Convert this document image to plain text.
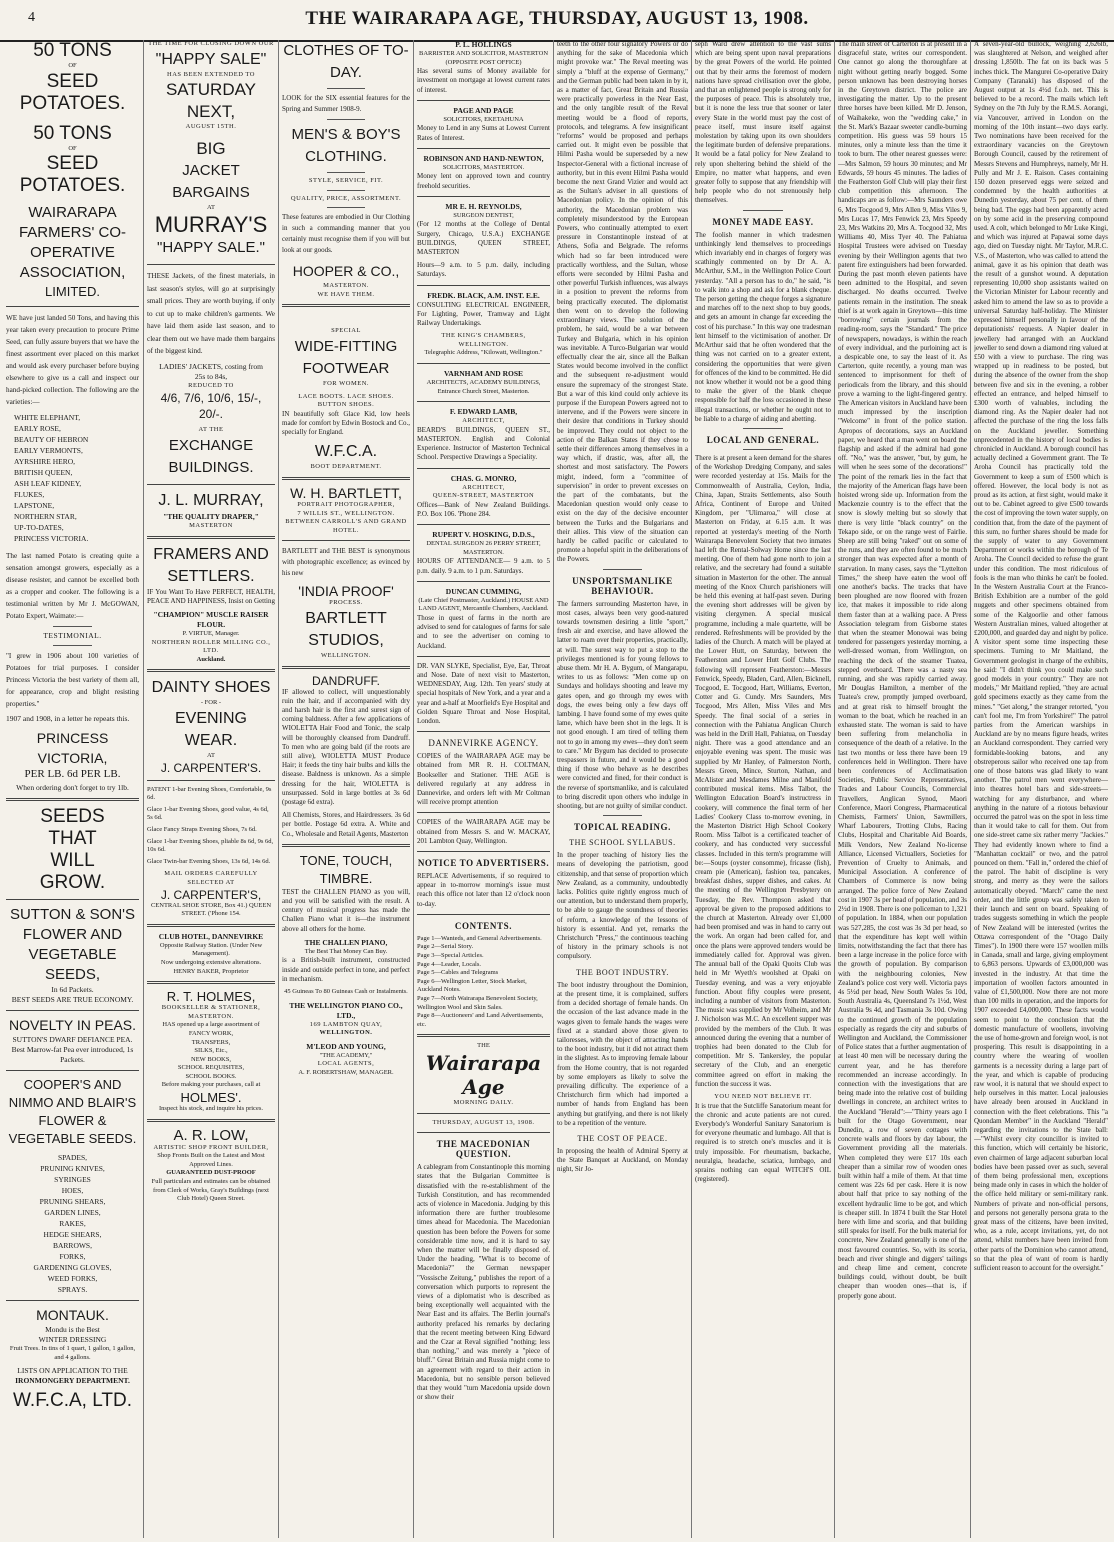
4	THE WAIRARAPA AGE, THURSDAY, AUGUST 13, 1908.
50 TONS
OF
SEED POTATOES.
50 TONS
OF
SEED POTATOES.
WAIRARAPA FARMERS' CO-OPERATIVE ASSOCIATION,
LIMITED.

WE have just landed 50 Tons, and having this year taken every precaution to procure Prime Seed, can fully assure buyers that we have the finest assortment ever placed on this market and would ask every purchaser before buying elsewhere to give us a call and inspect our hand-picked collection. The following are the varieties:—

WHITE ELEPHANT,
EARLY ROSE,
BEAUTY OF HEBRON
EARLY VERMONTS,
AYRSHIRE HERO,
BRITISH QUEEN,
ASH LEAF KIDNEY,
FLUKES,
LAPSTONE,
NORTHERN STAR,
UP-TO-DATES,
PRINCESS VICTORIA.

The last named Potato is creating quite a sensation amongst growers, especially as a disease resister, and cannot be excelled both as a cropper and cooker. The following is a testimonial written by Mr J. McGOWAN, Potato Expert, Waimate:—

TESTIMONIAL.

"I grew in 1906 about 100 varieties of Potatoes for trial purposes. I consider Princess Victoria the best variety of them all, for appearance, crop and blight resisting properties."

1907 and 1908, in a letter he repeats this.
PRINCESS VICTORIA,
PER LB. 6d PER LB.
When ordering don't forget to try 1lb.
SEEDS
THAT
WILL
GROW.
SUTTON & SON'S FLOWER AND VEGETABLE SEEDS,
In 6d Packets.
BEST SEEDS ARE TRUE ECONOMY.
NOVELTY IN PEAS.
SUTTON'S DWARF DEFIANCE PEA.
Best Marrow-fat Pea ever introduced, 1s Packets.
COOPER'S AND NIMMO AND BLAIR'S FLOWER & VEGETABLE SEEDS.
SPADES,
PRUNING KNIVES,
SYRINGES
HOES,
PRUNING SHEARS,
GARDEN LINES,
RAKES,
HEDGE SHEARS,
BARROWS,
FORKS,
GARDENING GLOVES,
WEED FORKS,
SPRAYS.
MONTAUK.
Mondu is the Best
WINTER DRESSING
Fruit Trees. In tins of 1 quart, 1 gallon, 1 gallon, and 4 gallons.
LISTS ON APPLICATION TO THE
IRONMONGERY DEPARTMENT.
W.F.C.A, LTD.
THE TIME FOR CLOSING DOWN OUR
"HAPPY SALE"
HAS BEEN EXTENDED TO
SATURDAY NEXT,
AUGUST 15TH.
BIG
JACKET BARGAINS
AT
MURRAY'S
"HAPPY SALE."

THESE Jackets, of the finest materials, in last season's styles, will go at surprisingly small prices. They are worth buying, if only to cut up to make children's garments. We have laid them aside last season, and to clear them out we have made them bargains of the biggest kind.

LADIES' JACKETS, costing from
25s to 84s,
REDUCED TO
4/6, 7/6, 10/6, 15/-, 20/-.
AT THE
EXCHANGE BUILDINGS.
J. L. MURRAY,
"THE QUALITY DRAPER,"
MASTERTON
FRAMERS AND SETTLERS.

IF You Want To Have PERFECT, HEALTH, PEACE AND HAPPINESS, Insist on Getting

"CHAMPION" MUSCLE RAISER FLOUR.
P. VIRTUE, Manager.
NORTHERN ROLLER MILLING CO., LTD.
Auckland.
DAINTY SHOES
- FOR -
EVENING WEAR.
AT
J. CARPENTER'S.
PATENT 1-bar Evening Shoes, Comfortable, 9s 6d.
Glace 1-bar Evening Shoes, good value, 4s 6d, 5s 6d.
Glace Fancy Straps Evening Shoes, 7s 6d.
Glace 1-bar Evening Shoes, pliable 8s 6d, 9s 6d, 10s 6d.
Glace Twin-bar Evening Shoes, 13s 6d, 14s 6d.
MAIL ORDERS CAREFULLY SELECTED AT
J. CARPENTER'S,
CENTRAL SHOE STORE, Box 41.) QUEEN STREET. ('Phone 154.
CLUB HOTEL, DANNEVIRKE
Opposite Railway Station. (Under New Management).
Now undergoing extensive alterations.
HENRY BAKER, Proprietor
R. T. HOLMES,
BOOKSELLER & STATIONER, MASTERTON.
HAS opened up a large assortment of
FANCY WORK,
TRANSFERS,
SILKS, Etc.,
NEW BOOKS,
SCHOOL REQUISITES,
SCHOOL BOOKS.
Before making your purchases, call at
HOLMES'.
Inspect his stock, and inquire his prices.
A. R. LOW,
ARTISTIC SHOP FRONT BUILDER,
Shop Fronts Built on the Latest and Most Approved Lines.
GUARANTEED DUST-PROOF
Full particulars and estimates can be obtained from Clerk of Works, Gray's Buildings (next Club Hotel) Queen Street.
CLOTHES OF TO-DAY.

LOOK for the SIX essential features for the Spring and Summer 1908-9.

MEN'S & BOY'S CLOTHING.
STYLE, SERVICE, FIT.
QUALITY, PRICE, ASSORTMENT.

These features are embodied in Our Clothing in such a commanding manner that you certainly must recognise them if you will but look at our goods.

HOOPER & CO.,
MASTERTON.
WE HAVE THEM.
SPECIAL
WIDE-FITTING FOOTWEAR
FOR WOMEN.
LACE BOOTS. LACE SHOES.
BUTTON SHOES.

IN beautifully soft Glace Kid, low heels made for comfort by Edwin Bostock and Co., specially for England.

W.F.C.A.
BOOT DEPARTMENT.
W. H. BARTLETT,
PORTRAIT PHOTOGRAPHER,
7 WILLIS ST., WELLINGTON.
BETWEEN CARROLL'S AND GRAND HOTEL.

BARTLETT and THE BEST is synonymous with photographic excellence; as evinced by his new

'INDIA PROOF'
PROCESS.
BARTLETT STUDIOS,
WELLINGTON.
DANDRUFF.

IF allowed to collect, will unquestionably ruin the hair, and if accompanied with dry and harsh hair is the first and surest sign of coming baldness. After a few applications of WIOLETTA Hair Food and Tonic, the scalp will be thoroughly cleansed from Dandruff. To men who are going bald (if the roots are still alive), WIOLETTA MUST Produce Hair; it feeds the tiny hair bulbs and kills the disease. Baldness is unknown. As a simple dressing for the hair, WIOLETTA is unsurpassed. Sold in large bottles at 3s 6d (postage 6d extra).

All Chemists, Stores, and Hairdressers. 3s 6d per bottle. Postage 6d extra. A. White and Co., Wholesale and Retail Agents, Masterton

TONE, TOUCH, TIMBRE.

TEST the CHALLEN PIANO as you will, and you will be satisfied with the result. A century of musical progress has made the Challen Piano what it is—the instrument above all others for the home.

THE CHALLEN PIANO,
The Best That Money Can Buy.

is a British-built instrument, constructed inside and outside perfect in tone, and perfect in mechanism.

45 Guineas To 80 Guineas Cash or Instalments.
THE WELLINGTON PIANO CO., LTD.,
169 LAMBTON QUAY,
WELLINGTON.
M'LEOD AND YOUNG,
"THE ACADEMY,"
LOCAL AGENTS,
A. F. ROBERTSHAW, MANAGER.
P. L. HOLLINGS
BARRISTER AND SOLICITOR, MASTERTON (OPPOSITE POST OFFICE)

Has several sums of Money available for investment on mortgage at lowest current rates of interest.

PAGE AND PAGE
SOLICITORS, EKETAHUNA

Money to Lend in any Sums at Lowest Current Rates of Interest.

ROBINSON AND HAND-NEWTON,
SOLICITORS, MASTERTON.

Money lent on approved town and country freehold securities.

MR E. H. REYNOLDS,
SURGEON DENTIST,

(For 12 months at the College of Dental Surgery, Chicago, U.S.A.) EXCHANGE BUILDINGS, QUEEN STREET, MASTERTON

Hours—9 a.m. to 5 p.m. daily, including Saturdays.

FREDK. BLACK, A.M. INST. E.E.

CONSULTING ELECTRICAL ENGINEER, For Lighting, Power, Tramway and Light Railway Undertakings.

THE KING'S CHAMBERS, WELLINGTON.
Telegraphic Address, "Kilowatt, Wellington."
VARNHAM AND ROSE
ARCHITECTS, ACADEMY BUILDINGS, Entrance Church Street, Masterton.
F. EDWARD LAMB,
ARCHITECT,

BEARD'S BUILDINGS, QUEEN ST., MASTERTON. English and Colonial Experience. Instructor of Masterton Technical School. Perspective Drawings a Speciality.

CHAS. G. MONRO,
ARCHITECT,
QUEEN-STREET, MASTERTON

Offices—Bank of New Zealand Buildings. P.O. Box 106. 'Phone 284.

RUPERT V. HOSKING, D.D.S.,
DENTAL SURGEON 26 PERRY STREET, MASTERTON.

HOURS OF ATTENDANCE— 9 a.m. to 5 p.m. daily. 9 a.m. to 1 p.m. Saturdays.

DUNCAN CUMMING,
(Late Chief Postmaster, Auckland.) HOUSE AND LAND AGENT, Mercantile Chambers, Auckland.

Those in quest of farms in the north are advised to send for catalogues of farms for sale and to see the advertiser on coming to Auckland.

DR. VAN SLYKE, Specialist, Eye, Ear, Throat and Nose. Date of next visit to Masterton, WEDNESDAY, Aug. 12th. Ten years' study at special hospitals of New York, and a year and a year and a-half at Moorfield's Eye Hospital and Golden Square Throat and Nose Hospital, London.

DANNEVIRKE AGENCY.

COPIES of the WAIRARAPA AGE may be obtained from MR R. H. COLTMAN, Bookseller and Stationer. THE AGE is delivered regularly at any address in Dannevirke, and orders left with Mr Coltman will receive prompt attention

COPIES of the WAIRARAPA AGE may be obtained from Messrs S. and W. MACKAY, 201 Lambton Quay, Wellington.

NOTICE TO ADVERTISERS.

REPLACE Advertisements, if so required to appear in to-morrow morning's issue must reach this office not later than 12 o'clock noon to-day.

CONTENTS.
Page 1—Wanteds, and General Advertisements.
Page 2—Serial Story.
Page 3—Special Articles.
Page 4—Leader, Locals.
Page 5—Cables and Telegrams
Page 6—Wellington Letter, Stock Market, Auckland Notes.
Page 7—North Wairarapa Benevolent Society, Wellington Wool and Skin Sales.
Page 8—Auctioneers' and Land Advertisements, etc.
THE
Wairarapa Age
MORNING DAILY.
THURSDAY, AUGUST 13, 1908.
THE MACEDONIAN QUESTION.

A cablegram from Constantinople this morning states that the Bulgarian Committee is dissatisfied with the re-establishment of the Turkish Constitution, and has recommended acts of violence in Macedonia. Judging by this information there are further troublesome times ahead for Macedonia. The Macedonian question has been before the Powers for some considerable time now, and it is hard to say when the matter will be finally disposed of. Under the heading, "What is to become of Macedonia?" the German newspaper "Vossische Zeitung," publishes the report of a conversation which purports to represent the views of a diplomatist who is described as being exceptionally well acquainted with the Near East and its affairs. The Berlin journal's authority prefaced his remarks by declaring that the recent meeting between King Edward and the Czar at Reval signified "nothing; less than nothing," and was merely a "piece of bluff." Great Britain and Russia might come to an agreement with regard to their action in Macedonia, but no sensible person believed that they would "turn Macedonia upside down or show their

teeth to the other four signatory Powers or do anything for the sake of Macedonia which might provoke war." The Reval meeting was simply a "bluff at the expense of Germany," and the German public had been taken in by it, as a matter of fact, Great Britain and Russia were practically powerless in the Near East, and the only tangible result of the Reval meeting would be a flood of reports, protocols, and telegrams. A few insignificant "reforms" would be proposed and perhaps carried out. It might even be possible that Hilmi Pasha would be superseded by a new Inspector-General with a fictional increase of authority, but in this event Hilmi Pasha would become the next Grand Vizier and would act as the Sultan's adviser in all questions of Macedonian policy. In the opinion of this authority, the Macedonian problem was completely misunderstood by the European Powers, who continually attempted to exert pressure in Constantinople instead of at Athens, Sofia and Belgrade. The reforms which had so far been introduced were practically worthless, and the Sultan, whose efforts were seconded by Hilmi Pasha and other powerful Turkish influences, was always in a position to prevent the reforms from being practically executed. The diplomatist then went on to develop the following extraordinary views. The solution of the problem, he said, would be a war between Turkey and Bulgaria, which in his opinion was inevitable. A Turco-Bulgarian war would effectually clear the air, since all the Balkan States would become involved in the conflict and the subsequent re-adjustment would ensure the supremacy of the strongest State. But a war of this kind could only achieve its purpose if the European Powers agreed not to intervene, and if the Powers were sincere in their desire that conditions in Turkey should be improved. They could not object to the action of the Balkan States if they chose to settle their differences among themselves in a way which, if drastic, was, after all, the shortest and most satisfactory. The Powers might, indeed, form a "committee of supervision" in order to prevent excesses on the part of the combatants, but the Macedonian question would only cease to exist on the day of the decisive encounter between the Turks and the Bulgarians and their allies. This view of the situation can hardly be called pacific or calculated to promote a hopeful spirit in the deliberations of the Powers.

UNSPORTSMANLIKE BEHAVIOUR.

The farmers surrounding Masterton have, in most cases, always been very good-natured towards townsmen desiring a little "sport," fresh air and exercise, and have allowed the latter to roam over their properties, practically, at will. The surest way to put a stop to the privileges mentioned is for young fellows to abuse them. Mr H. A. Bygum, of Mangarapu, writes to us as follows: "Men come up on Sundays and holidays shooting and leave my gates open, and go through my ewes with dogs, the ewes being only a few days off lambing. I have found some of my ewes quite lame, which have been shot in the legs. It is not good enough. I am tired of telling them not to go in among my ewes—they don't seem to care." Mr Bygum has decided to prosecute trespassers in future, and it would be a good thing if those who behave as he describes were convicted and fined, for their conduct is the reverse of sportsmanlike, and is calculated to bring discredit upon others who indulge in shooting, but are not guilty of similar conduct.

TOPICAL READING.
THE SCHOOL SYLLABUS.

In the proper teaching of history lies the means of developing the patriotism, good citizenship, and that sense of proportion which New Zealand, as a community, undoubtedly lacks. Politics quite rightly engross much of our attention, but to understand them properly, to be able to gauge the soundness of theories of reform, a knowledge of the lessons of history is essential. And yet, remarks the Christchurch "Press," the continuous teaching of history in the primary schools is not compulsory.

THE BOOT INDUSTRY.

The boot industry throughout the Dominion, at the present time, it is complained, suffers from a decided shortage of female hands. On the occasion of the last advance made in the wages given to female hands the wages were fixed at a standard above those given to tailoresses, with the object of attracting hands to the boot industry, but it did not attract them in the slightest. As to improving female labour from the Home country, that is not regarded by some employers as likely to solve the prevailing difficulty. The experience of a Christchurch firm which had imported a number of hands from England has been anything but gratifying, and there is not likely to be a repetition of the venture.

THE COST OF PEACE.

In proposing the health of Admiral Sperry at the State Banquet at Auckland, on Monday night, Sir Jo-

seph Ward drew attention to the vast sums which are being spent upon naval preparations by the great Powers of the world. He pointed out that by their arms the foremost of modern nations have spread civilisation over the globe, and that an enlightened people is strong only for the purposes of peace. This is absolutely true, but it is none the less true that sooner or later every State in the world must pay the cost of peace itself, must insure itself against molestation by taking upon its own shoulders the legitimate burden of defensive preparations. It would be a fatal policy for New Zealand to rely upon sheltering behind the shield of the Empire, no matter what happens, and even greater folly to suppose that any friendship will help people who do not strenuously help themselves.

MONEY MADE EASY.

The foolish manner in which tradesmen unthinkingly lend themselves to proceedings which invariably end in charges of forgery was scathingly commented on by Dr A. A. McArthur, S.M., in the Wellington Police Court yesterday. "All a person has to do," he said, "is to walk into a shop and ask for a blank cheque. The person getting the cheque forges a signature and marches off to the next shop to buy goods, and gets an amount in change far exceeding the cost of his purchase." In this way one tradesman lent himself to the victimisation of another. Dr McArthur said that he often wondered that the thing was not carried on to a greater extent, considering the opportunities that were given for offences of the kind to be committed. He did not know whether it would not be a good thing to make the giver of the blank cheque responsible for half the loss occasioned in these illegal transactions, or whether he ought not to be liable to a charge of aiding and abetting.

LOCAL AND GENERAL.

There is at present a keen demand for the shares of the Workshop Dredging Company, and sales were recorded yesterday at 15s. Mails for the Commonwealth of Australia, Ceylon, India, China, Japan, Straits Settlements, also South Africa, Continent of Europe and United Kingdom, per "Ulimaroa," will close at Masterton on Friday, at 6.15 a.m. It was reported at yesterday's meeting of the North Wairarapa Benevolent Society that two inmates had left the Rental-Solway Home since the last meeting. One of them had gone north to join a relative, and the secretary had found a suitable situation in Masterton for the other. The annual meeting of the Knox Church parishioners will be held this evening at half-past seven. During the evening short addresses will be given by visiting clergymen. A special musical programme, including a male quartette, will be rendered. Refreshments will be provided by the ladies of the Church. A match will be played at the Lower Hutt, on Saturday, between the Featherston and Lower Hutt Golf Clubs. The following will represent Featherston:—Messrs Fenwick, Speedy, Bladen, Card, Allen, Bicknell, Tocgood, E. Tocgood, Hart, Williams, Everton, Cotter and G. Cundy. Mrs Saunders, Mrs Tocgood, Mrs Allen, Miss Viles and Mrs Speedy. The final social of a series in connection with the Pahiatua Anglican Church was held in the Drill Hall, Pahiatua, on Tuesday night. There was a good attendance and an enjoyable evening was spent. The music was supplied by Mr Hanley, of Palmerston North, Messrs Green, Mince, Sturton, Nathan, and McAlister and Mesdames Milne and Manifold contributed musical items. Miss Talbot, the Wellington Education Board's instructress in cookery, will commence the final term of her Ladies' Cookery Class to-morrow evening, in the Masterton District High School Cookery Room. Miss Talbot is a certificated teacher of cookery, and has conducted very successful classes. Included in this term's programme will be:—Soups (oyster consomme), fricasse (fish), cream pie (American), fashion tea, pancakes, breakfast dishes, supper dishes, and cakes. At the meeting of the Wellington Presbytery on Tuesday, the Rev. Thompson asked that approval be given to the proposed additions to the church at Masterton. Already over £1,000 had been promised and was in hand to carry out the work. An organ had been called for, and once the plans were approved tenders would be immediately called for. Approval was given. The annual ball of the Opaki Quoits Club was held in Mr Wyeth's woolshed at Opaki on Tuesday evening, and was a very enjoyable function. About fifty couples were present, including a number of visitors from Masterton. The music was supplied by Mr Volheim, and Mr J. Nicholson was M.C. An excellent supper was provided by the members of the Club. It was announced during the evening that a number of trophies had been donated to the Club for competition. Mr S. Tankersley, the popular secretary of the Club, and an energetic committee agreed on effort in making the function the success it was.

YOU NEED NOT BELIEVE IT.

It is true that the Sutcliffe Sanatorium meant for the chronic and acute patients are not cured. Everybody's Wonderful Sanitary Sanatorium is for everyone rheumatic and lumbago. All that is required is to stretch one's muscles and it is truly impossible. For rheumatism, backache, neuralgia, headache, sciatica, lumbago, and sprains nothing can equal WITCH'S OIL (registered).

The main street of Carterton is at present in a disgraceful state, writes our correspondent. One cannot go along the thoroughfare at night without getting nearly bogged. Some person unknown has been destroying horses in the Greytown district. The police are investigating the matter. Up to the present three horses have been killed. Mr D. Jenson, of Waihakeke, won the "wedding cake," in the St. Mark's Bazaar sweeter candle-burning competition. His guess was 59 hours 15 minutes, only a minute less than the time it took to burn. The other nearest guesses were:—Mrs Salmon, 59 hours 30 minutes; and Mr Edwards, 59 hours 45 minutes. The ladies of the Featherston Golf Club will play their first club competition this afternoon. The handicaps are as follow:—Mrs Saunders owe 6, Mrs Tocgood 9, Mrs Allen 9, Miss Viles 9, Mrs Lucas 17, Mrs Fenwick 23, Mrs Speedy 23, Mrs Watkins 20, Mrs A. Tocgood 32, Mrs Williams 40, Miss Tyer 40. The Pahiatua Hospital Trustees were advised on Tuesday evening by their Wellington agents that two patent fire extinguishers had been forwarded. During the past month eleven patients have been admitted to the Hospital, and seven discharged. No deaths occurred. Twelve patients remain in the institution. The sneak thief is at work again in Greytown—this time "borrowing" certain journals from the reading-room, says the "Standard." The price of newspapers, nowadays, is within the reach of every individual, and the purloining act is a despicable one, to say the least of it. As Carterton, quite recently, a young man was sentenced to imprisonment for theft of periodicals from the library, and this should prove a warning to the light-fingered gentry. The American visitors in Auckland have been much impressed by the inscription "Welcome" in front of the police station. Apropos of decorations, says an Auckland paper, we heard that a man went on board the flagship and asked if the admiral had gone off. "No," was the answer, "but, by gum, he will when he sees some of the decorations!" The point of the remark lies in the fact that the majority of the American flags have been hoisted wrong side up. Information from the Mackenzie country is to the effect that the snow is slowly melting but so slowly that there is very little "black country" on the Tekapo side, or on the range west of Fairlie. Sheep are still being "raked" out on some of the runs, and they are often found to be much stronger than was expected after a month of starvation. In many cases, says the "Lyttelton Times," the sheep have eaten the wool off one another's backs. The tracks that have been ploughed are now floored with frozen ice, that makes it impossible to ride along them faster than at a walking pace. A Press Association telegram from Gisborne states that when the steamer Monowai was being tendered for passengers yesterday morning, a well-dressed woman, from Wellington, on reaching the deck of the steamer Tuatea, stepped overboard. There was a nasty sea running, and she was rapidly carried away. Mr Douglas Hamilton, a member of the Tuatea's crew, promptly jumped overboard, and at great risk to himself brought the woman to the boat, which he reached in an exhausted state. The woman is said to have been suffering from melancholia in consequence of the death of a relative. In the last two months or less there have been 19 conferences held in Wellington. There have been conferences of Acclimatisation Societies, Public Service Representatives, Trades and Labour Councils, Commercial Travellers, Anglican Synod, Maori Conference, Maori Congress, Pharmaceutical Chemists, Farmers' Union, Sawmillers, Wharf Labourers, Trotting Clubs, Racing Clubs, Hospital and Charitable Aid Boards, Milk Vendors, New Zealand No-license Alliance, Licensed Victuallers, Societies for Prevention of Cruelty to Animals, and Municipal Association. A conference of Chambers of Commerce is now being arranged. The police force of New Zealand cost in 1907 3s per head of population, and 3s 2½d in 1908. There is one policeman to 1,321 of population. In 1884, when our population was 527,285, the cost was 3s 3d per head, so that the expenditure has kept well within limits, notwithstanding the fact that there has been a large increase in the police force with the growth of population. By comparison with the neighbouring colonies, New Zealand's police cost very well. Victoria pays 4s 5½d per head, New South Wales 5s 10d, South Australia 4s, Queensland 7s 1½d, West Australia 9s 4d, and Tasmania 3s 10d. Owing to the continued growth of the population especially as regards the city and suburbs of Wellington and Auckland, the Commissioner of Police states that a further augmentation of at least 40 men will be necessary during the current year, and he has therefore recommended an increase accordingly. In connection with the investigations that are being made into the relative cost of building dwellings in concrete, an architect writes to the Auckland "Herald":—"Thirty years ago I built for the Otago Government, near Dunedin, a row of seven cottages with concrete walls and floors by day labour, the Government providing all the materials. When completed they were £17 10s each cheaper than a similar row of wooden ones built within half a mile of them. At that time cement was 22s 6d per cask. Here it is now about half that price to say nothing of the excellent hydraulic lime to be got, and which is cheaper still. In 1874 I built the Star Hotel here with lime and scoria, and that building still speaks for itself. For the bulk material for concrete, New Zealand generally is one of the most favoured countries. So, with its scoria, beach and river shingle and diggers' tailings and cheap lime and cement, concrete buildings could, without doubt, be built cheaper than wooden ones—that is, if properly gone about.

A seven-year-old bullock, weighing 2,626lb, was slaughtered at Nelson, and weighed after dressing 1,850lb. The fat on its back was 5 inches thick. The Mangurei Co-operative Dairy Company (Taranaki) has disposed of the August output at 1s 4½d f.o.b. net. This is believed to be a record. The mails which left Sydney on the 7th July by the R.M.S. Aorangi, via Vancouver, arrived in London on the morning of the 10th instant—two days early. Two nominations have been received for the extraordinary vacancies on the Greytown Borough Council, caused by the retirement of Messrs Stevens and Humphreys, namely, Mr H. Pully and Mr J. E. Raison. Cases containing 150 dozen preserved eggs were seized and condemned by the health authorities at Dunedin yesterday, about 75 per cent. of them being bad. The eggs had been apparently acted on by some acid in the preserving compound used. A colt, which belonged to Mr Luke Kingi, and which was injured at Papawai some days ago, died on Tuesday night. Mr Taylor, M.R.C. V.S., of Masterton, who was called to attend the animal, gave it as his opinion that death was the result of a gunshot wound. A deputation representing 10,000 shop assistants waited on the Victorian Minister for Labour recently and asked him to amend the law so as to provide a universal Saturday half-holiday. The Minister expressed himself personally in favour of the deputationists' requests. A Napier dealer in jewellery had arranged with an Auckland jeweller to send down a diamond ring valued at £50 with a view to purchase. The ring was wrapped up in readiness to be posted, but during the absence of the owner from the shop between five and six in the evening, a robber effected an entrance, and helped himself to £300 worth of valuables, including the diamond ring. As the Napier dealer had not affected the purchase of the ring the loss falls on the Auckland jeweller. Something unprecedented in the history of local bodies is chronicled in Auckland. A borough council has actually declined a Government grant. The Te Aroha Council has practically told the Government to keep a sum of £500 which is offered. However, the local body is not as proud as its action, at first sight, would make it out to be. Cabinet agreed to give £500 towards the cost of improving the town water supply, on condition that, from the date of the payment of this sum, no further shares should be made for the supply of water to any Government Department or works within the borough of Te Aroha. The Council decided to refuse the grant under this condition. The most ridiculous of fools is the man who thinks he can't be fooled. In the Western Australia Court at the Franco-British Exhibition are a number of the gold nuggets and other specimens obtained from some of the Kalgoorlie and other famous Western Australian mines, valued altogether at £200,000, and guarded day and night by police. A visitor spent some time inspecting these specimens. Turning to Mr Maitland, the Government geologist in charge of the exhibits, he said: "I didn't think you could make such good models in your country." They are not models," Mr Maitland replied, "they are actual gold specimens exactly as they came from the mines." "Get along," the stranger retorted, "you can't fool me, I'm from Yorkshire!" The patrol parties from the American warships in Auckland are by no means figure heads, writes an Auckland correspondent. They carried very formidable-looking batons, and any obstreperous sailor who received one tap from one of those batons was glad likely to want another. The patrol men went everywhere—into theatres hotel bars and side-streets—watching for any disturbance, and where anything in the nature of a riotous behaviour occurred the patrol was on the spot in less time than it would take to call for them. Out from one side-street came six rather merry "Jackies." They had evidently known where to find a "Manhattan cocktail" or two, and the patrol pounced on them. "Fall in," ordered the chief of the patrol. The habit of discipline is very strong, and merry as they were the sailors automatically obeyed. "March" came the next order, and the little group was safely taken to their launch and sent on board. Speaking of trades suggests something in which the people of New Zealand will be interested (writes the Ottawa correspondent of the "Otago Daily Times"). In 1900 there were 157 woollen mills in Canada, small and large, giving employment to 6,863 persons. Upwards of £3,000,000 was invested in the industry. At that time the importation of woollen factors amounted in value of £1,500,000. Now there are not more than 100 mills in operation, and the imports for 1907 exceeded £4,000,000. These facts would seem to point to the conclusion that the domestic manufacture of woollens, involving the use of home-grown and foreign wool, is not prospering. This result is disappointing in a country where the wearing of woollen garments is a necessity during a large part of the year, and which is capable of producing raw wool, it is natural that we should expect to help ourselves in this matter. Local jealousies have already been aroused in Auckland in connection with the fleet celebrations. This "a Quondam Member" in the Auckland "Herald" regarding the invitations to the State ball:—"Whilst every city councillor is invited to this function, which will certainly be historic, even chairmen of large adjacent suburban local bodies have been passed over as such, several of them being professional men, exceptions being made only in cases in which the holder of the office held military or semi-military rank. Numbers of private and non-official persons, and persons not generally persona grata to the great mass of the citizens, have been invited, who, as a rule, accept invitations, yet, do not attend, whilst numbers have been invited from other parts of the Dominion who cannot attend, so that the plea of want of room is hardly sufficient reason to account for the oversight."
